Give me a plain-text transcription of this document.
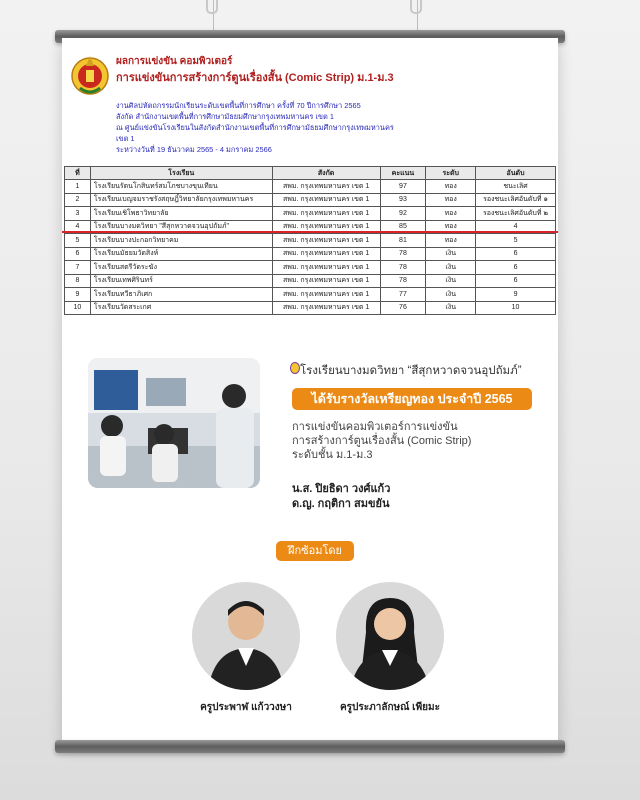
ผลการแข่งขัน คอมพิวเตอร์
การแข่งขันการสร้างการ์ตูนเรื่องสั้น (Comic Strip) ม.1-ม.3
งานศิลปหัตถกรรมนักเรียนระดับเขตพื้นที่การศึกษา ครั้งที่ 70 ปีการศึกษา 2565
สังกัด สำนักงานเขตพื้นที่การศึกษามัธยมศึกษากรุงเทพมหานคร เขต 1
ณ ศูนย์แข่งขันโรงเรียนในสังกัดสำนักงานเขตพื้นที่การศึกษามัธยมศึกษากรุงเทพมหานคร
เขต 1
ระหว่างวันที่ 19 ธันวาคม 2565 - 4 มกราคม 2566
ที่	โรงเรียน	สังกัด	คะแนน	ระดับ	อันดับ
1	โรงเรียนรัตนโกสินทร์สมโภชบางขุนเทียน	สพม. กรุงเทพมหานคร เขต 1	97	ทอง	ชนะเลิศ
2	โรงเรียนเบญจมราชรังสฤษฎิ์วิทยาลัยกรุงเทพมหานคร	สพม. กรุงเทพมหานคร เขต 1	93	ทอง	รองชนะเลิศอันดับที่ ๑
3	โรงเรียนเชิโพธาวิทยาลัย	สพม. กรุงเทพมหานคร เขต 1	92	ทอง	รองชนะเลิศอันดับที่ ๒
4	โรงเรียนบางมดวิทยา "สีสุกหวาดจวนอุปถัมภ์"	สพม. กรุงเทพมหานคร เขต 1	85	ทอง	4
5	โรงเรียนบางปะกอกวิทยาคม	สพม. กรุงเทพมหานคร เขต 1	81	ทอง	5
6	โรงเรียนมัธยมวัดสิงห์	สพม. กรุงเทพมหานคร เขต 1	78	เงิน	6
7	โรงเรียนสตรีวัดระฆัง	สพม. กรุงเทพมหานคร เขต 1	78	เงิน	6
8	โรงเรียนเทพศิรินทร์	สพม. กรุงเทพมหานคร เขต 1	78	เงิน	6
9	โรงเรียนทวีธาภิเศก	สพม. กรุงเทพมหานคร เขต 1	77	เงิน	9
10	โรงเรียนวัดสระเกศ	สพม. กรุงเทพมหานคร เขต 1	76	เงิน	10
โรงเรียนบางมดวิทยา “สีสุกหวาดจวนอุปถัมภ์”
ได้รับรางวัลเหรียญทอง ประจำปี 2565
การแข่งขันคอมพิวเตอร์การแข่งขัน
การสร้างการ์ตูนเรื่องสั้น (Comic Strip)
ระดับชั้น ม.1-ม.3
น.ส. ปิยธิดา วงศ์แก้ว
ด.ญ. กฤติกา สมขยัน
ฝึกซ้อมโดย
ครูประพาฬ แก้ววงษา	ครูประภาลักษณ์ เพียมะ
